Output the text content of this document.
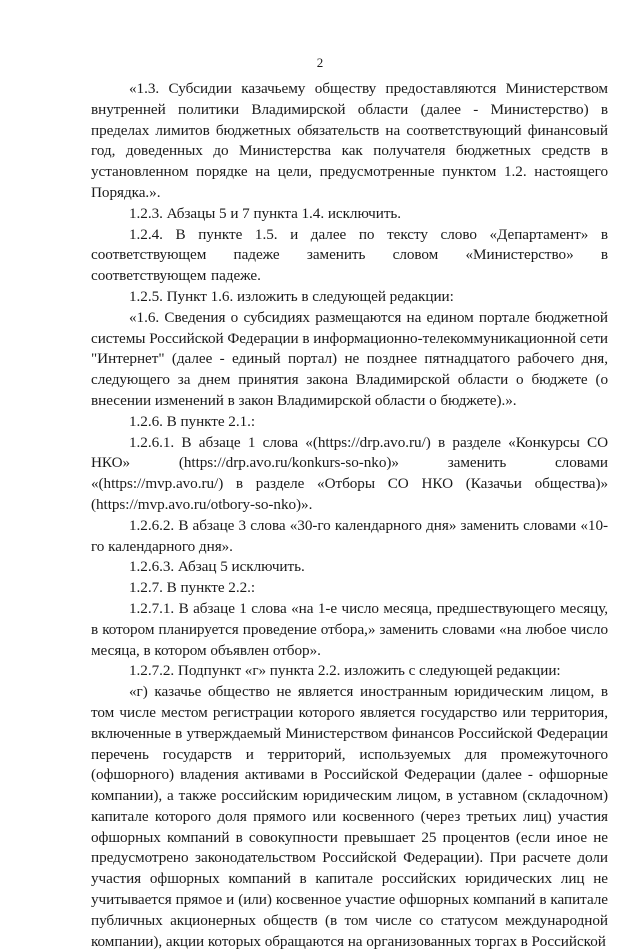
2

«1.3. Субсидии казачьему обществу предоставляются Министерством внутренней политики Владимирской области (далее - Министерство) в пределах лимитов бюджетных обязательств на соответствующий финансовый год, доведенных до Министерства как получателя бюджетных средств в установленном порядке на цели, предусмотренные пунктом 1.2. настоящего Порядка.».

1.2.3. Абзацы 5 и 7 пункта 1.4. исключить.

1.2.4. В пункте 1.5. и далее по тексту слово «Департамент» в соответствующем падеже заменить словом «Министерство» в соответствующем падеже.

1.2.5. Пункт 1.6. изложить в следующей редакции:

«1.6. Сведения о субсидиях размещаются на едином портале бюджетной системы Российской Федерации в информационно-телекоммуникационной сети "Интернет" (далее - единый портал) не позднее пятнадцатого рабочего дня, следующего за днем принятия закона Владимирской области о бюджете (о внесении изменений в закон Владимирской области о бюджете).».

1.2.6. В пункте 2.1.:

1.2.6.1. В абзаце 1 слова «(https://drp.avo.ru/) в разделе «Конкурсы СО НКО» (https://drp.avo.ru/konkurs-so-nko)» заменить словами «(https://mvp.avo.ru/) в разделе «Отборы СО НКО (Казачьи общества)» (https://mvp.avo.ru/otbory-so-nko)».

1.2.6.2. В абзаце 3 слова «30-го календарного дня» заменить словами «10-го календарного дня».

1.2.6.3. Абзац 5 исключить.

1.2.7. В пункте 2.2.:

1.2.7.1. В абзаце 1 слова «на 1-е число месяца, предшествующего месяцу, в котором планируется проведение отбора,» заменить словами «на любое число месяца, в котором объявлен отбор».

1.2.7.2. Подпункт «г» пункта 2.2. изложить с следующей редакции:

«г) казачье общество не является иностранным юридическим лицом, в том числе местом регистрации которого является государство или территория, включенные в утверждаемый Министерством финансов Российской Федерации перечень государств и территорий, используемых для промежуточного (офшорного) владения активами в Российской Федерации (далее - офшорные компании), а также российским юридическим лицом, в уставном (складочном) капитале которого доля прямого или косвенного (через третьих лиц) участия офшорных компаний в совокупности превышает 25 процентов (если иное не предусмотрено законодательством Российской Федерации). При расчете доли участия офшорных компаний в капитале российских юридических лиц не учитывается прямое и (или) косвенное участие офшорных компаний в капитале публичных акционерных обществ (в том числе со статусом международной компании), акции которых обращаются на организованных торгах в Российской
